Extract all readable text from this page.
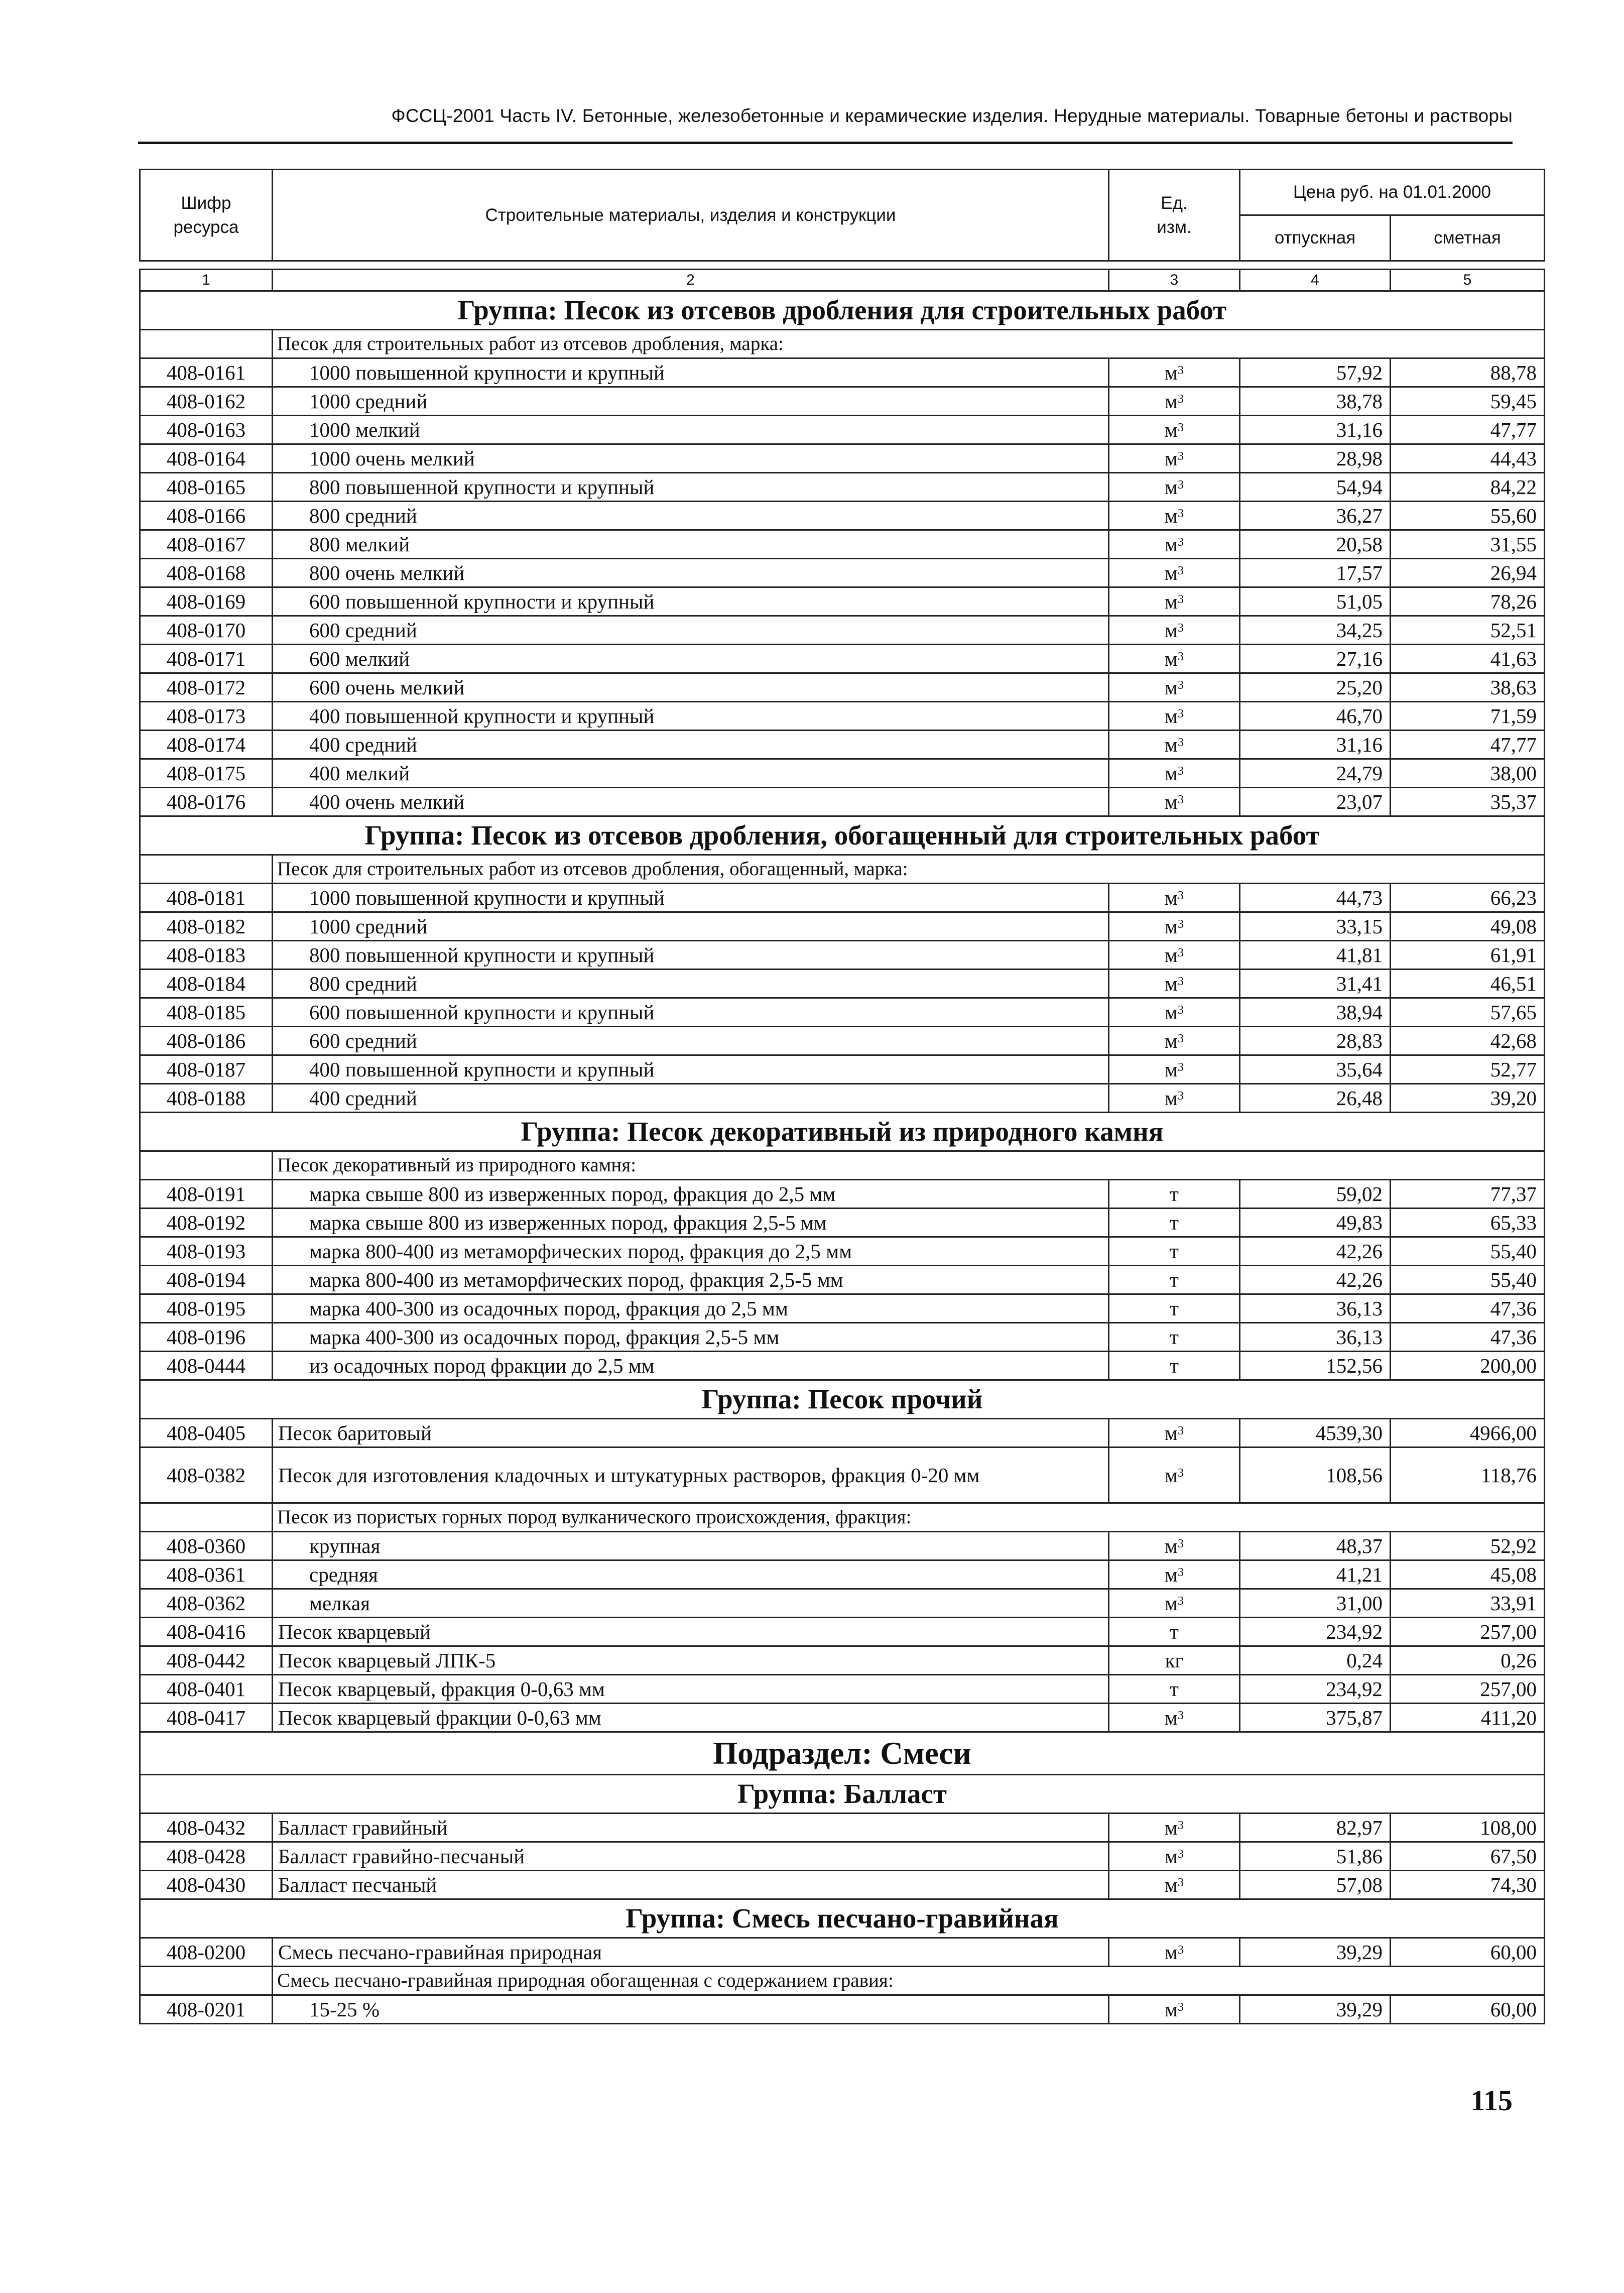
ФССЦ-2001 Часть IV. Бетонные, железобетонные и керамические изделия. Нерудные материалы. Товарные бетоны и растворы
Шифр ресурса	Строительные материалы, изделия и конструкции	Ед. изм.	Цена руб. на 01.01.2000	
			отпускная	сметная

1	2	3	4	5
Группа: Песок из отсевов дробления для строительных работ				
	Песок для строительных работ из отсевов дробления, марка:			
408-0161	1000 повышенной крупности и крупный	$м^3$	57,92	88,78
408-0162	1000 средний	$м^3$	38,78	59,45
408-0163	1000 мелкий	$м^3$	31,16	47,77
408-0164	1000 очень мелкий	$м^3$	28,98	44,43
408-0165	800 повышенной крупности и крупный	$м^3$	54,94	84,22
408-0166	800 средний	$м^3$	36,27	55,60
408-0167	800 мелкий	$м^3$	20,58	31,55
408-0168	800 очень мелкий	$м^3$	17,57	26,94
408-0169	600 повышенной крупности и крупный	$м^3$	51,05	78,26
408-0170	600 средний	$м^3$	34,25	52,51
408-0171	600 мелкий	$м^3$	27,16	41,63
408-0172	600 очень мелкий	$м^3$	25,20	38,63
408-0173	400 повышенной крупности и крупный	$м^3$	46,70	71,59
408-0174	400 средний	$м^3$	31,16	47,77
408-0175	400 мелкий	$м^3$	24,79	38,00
408-0176	400 очень мелкий	$м^3$	23,07	35,37
Группа: Песок из отсевов дробления, обогащенный для строительных работ				
	Песок для строительных работ из отсевов дробления, обогащенный, марка:			
408-0181	1000 повышенной крупности и крупный	$м^3$	44,73	66,23
408-0182	1000 средний	$м^3$	33,15	49,08
408-0183	800 повышенной крупности и крупный	$м^3$	41,81	61,91
408-0184	800 средний	$м^3$	31,41	46,51
408-0185	600 повышенной крупности и крупный	$м^3$	38,94	57,65
408-0186	600 средний	$м^3$	28,83	42,68
408-0187	400 повышенной крупности и крупный	$м^3$	35,64	52,77
408-0188	400 средний	$м^3$	26,48	39,20
Группа: Песок декоративный из природного камня				
	Песок декоративный из природного камня:			
408-0191	марка свыше 800 из изверженных пород, фракция до 2,5 мм	т	59,02	77,37
408-0192	марка свыше 800 из изверженных пород, фракция 2,5-5 мм	т	49,83	65,33
408-0193	марка 800-400 из метаморфических пород, фракция до 2,5 мм	т	42,26	55,40
408-0194	марка 800-400 из метаморфических пород, фракция 2,5-5 мм	т	42,26	55,40
408-0195	марка 400-300 из осадочных пород, фракция до 2,5 мм	т	36,13	47,36
408-0196	марка 400-300 из осадочных пород, фракция 2,5-5 мм	т	36,13	47,36
408-0444	из осадочных пород фракции до 2,5 мм	т	152,56	200,00
Группа: Песок прочий				
408-0405	Песок баритовый	$м^3$	4539,30	4966,00
408-0382	Песок для изготовления кладочных и штукатурных растворов, фракция 0-20 мм	$м^3$	108,56	118,76
	Песок из пористых горных пород вулканического происхождения, фракция:			
408-0360	крупная	$м^3$	48,37	52,92
408-0361	средняя	$м^3$	41,21	45,08
408-0362	мелкая	$м^3$	31,00	33,91
408-0416	Песок кварцевый	т	234,92	257,00
408-0442	Песок кварцевый ЛПК-5	кг	0,24	0,26
408-0401	Песок кварцевый, фракция 0-0,63 мм	т	234,92	257,00
408-0417	Песок кварцевый фракции 0-0,63 мм	$м^3$	375,87	411,20
Подраздел: Смеси				
Группа: Балласт				
408-0432	Балласт гравийный	$м^3$	82,97	108,00
408-0428	Балласт гравийно-песчаный	$м^3$	51,86	67,50
408-0430	Балласт песчаный	$м^3$	57,08	74,30
Группа: Смесь песчано-гравийная				
408-0200	Смесь песчано-гравийная природная	$м^3$	39,29	60,00
	Смесь песчано-гравийная природная обогащенная с содержанием гравия:			
408-0201	15-25 %	$м^3$	39,29	60,00
115
